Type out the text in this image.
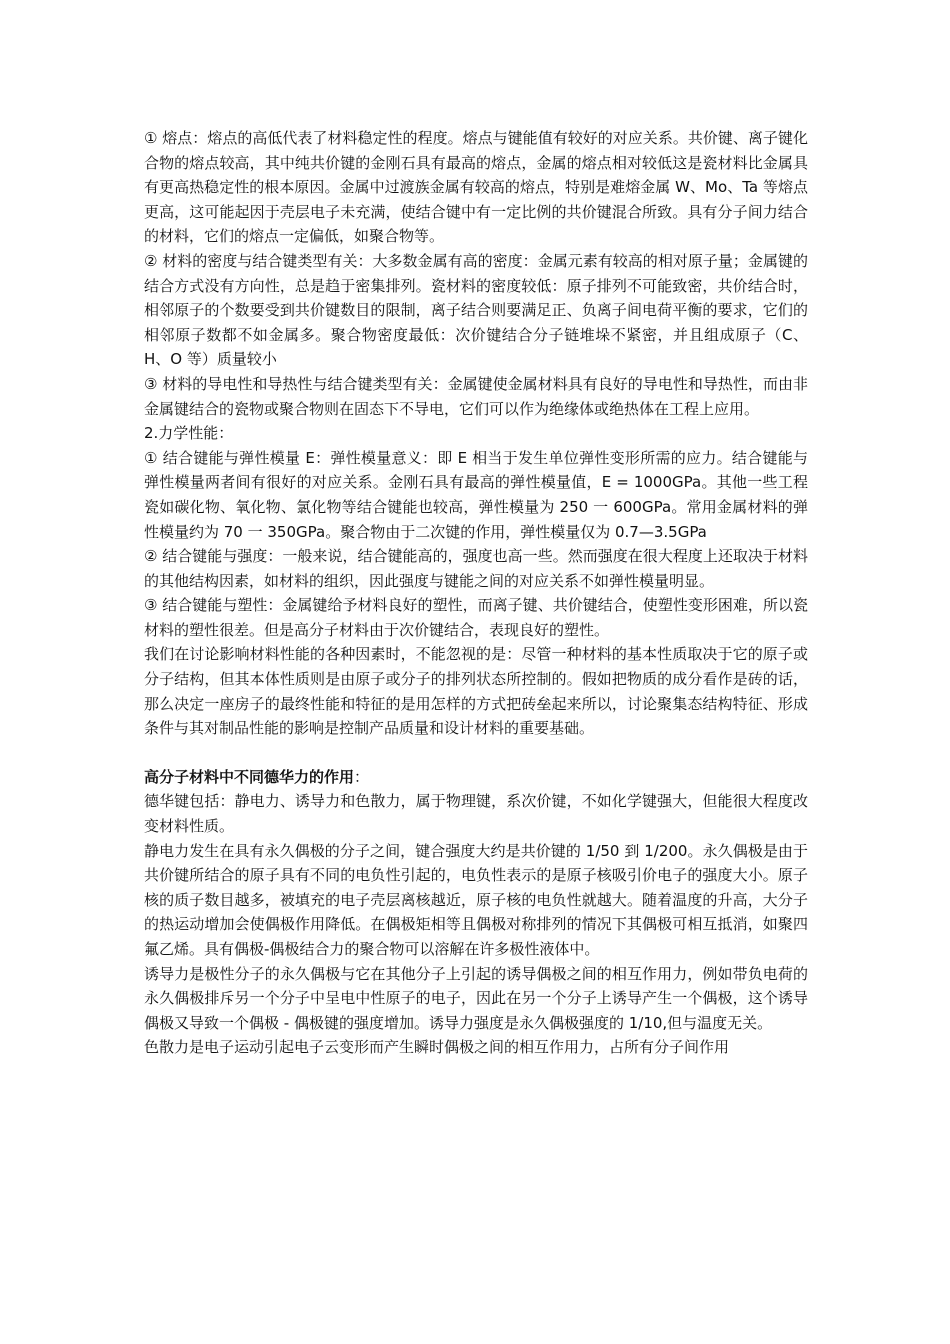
① 熔点：熔点的高低代表了材料稳定性的程度。熔点与键能值有较好的对应关系。共价键、离子键化合物的熔点较高，其中纯共价键的金刚石具有最高的熔点，金属的熔点相对较低这是瓷材料比金属具有更高热稳定性的根本原因。金属中过渡族金属有较高的熔点，特别是难熔金属 W、Mo、Ta 等熔点更高，这可能起因于壳层电子未充满，使结合键中有一定比例的共价键混合所致。具有分子间力结合的材料，它们的熔点一定偏低，如聚合物等。

② 材料的密度与结合键类型有关：大多数金属有高的密度：金属元素有较高的相对原子量；金属键的结合方式没有方向性，总是趋于密集排列。瓷材料的密度较低：原子排列不可能致密，共价结合时，相邻原子的个数要受到共价键数目的限制，离子结合则要满足正、负离子间电荷平衡的要求，它们的相邻原子数都不如金属多。聚合物密度最低：次价键结合分子链堆垛不紧密，并且组成原子（C、H、O 等）质量较小

③ 材料的导电性和导热性与结合键类型有关：金属键使金属材料具有良好的导电性和导热性，而由非金属键结合的瓷物或聚合物则在固态下不导电，它们可以作为绝缘体或绝热体在工程上应用。

2.力学性能：

① 结合键能与弹性模量 E：弹性模量意义：即 E 相当于发生单位弹性变形所需的应力。结合键能与弹性模量两者间有很好的对应关系。金刚石具有最高的弹性模量值，E = 1000GPa。其他一些工程瓷如碳化物、氧化物、氯化物等结合键能也较高，弹性模量为 250 一 600GPa。常用金属材料的弹性模量约为 70 一 350GPa。聚合物由于二次键的作用，弹性模量仅为 0.7—3.5GPa

② 结合键能与强度：一般来说，结合键能高的，强度也高一些。然而强度在很大程度上还取决于材料的其他结构因素，如材料的组织，因此强度与键能之间的对应关系不如弹性模量明显。

③ 结合键能与塑性：金属键给予材料良好的塑性，而离子键、共价键结合，使塑性变形困难，所以瓷材料的塑性很差。但是高分子材料由于次价键结合，表现良好的塑性。

我们在讨论影响材料性能的各种因素时，不能忽视的是：尽管一种材料的基本性质取决于它的原子或分子结构，但其本体性质则是由原子或分子的排列状态所控制的。假如把物质的成分看作是砖的话，那么决定一座房子的最终性能和特征的是用怎样的方式把砖垒起来所以，讨论聚集态结构特征、形成条件与其对制品性能的影响是控制产品质量和设计材料的重要基础。

高分子材料中不同德华力的作用：

德华键包括：静电力、诱导力和色散力，属于物理键，系次价键，不如化学键强大，但能很大程度改变材料性质。

静电力发生在具有永久偶极的分子之间，键合强度大约是共价键的 1/50 到 1/200。永久偶极是由于共价键所结合的原子具有不同的电负性引起的，电负性表示的是原子核吸引价电子的强度大小。原子核的质子数目越多，被填充的电子壳层离核越近，原子核的电负性就越大。随着温度的升高，大分子的热运动增加会使偶极作用降低。在偶极矩相等且偶极对称排列的情况下其偶极可相互抵消，如聚四氟乙烯。具有偶极-偶极结合力的聚合物可以溶解在许多极性液体中。

诱导力是极性分子的永久偶极与它在其他分子上引起的诱导偶极之间的相互作用力，例如带负电荷的永久偶极排斥另一个分子中呈电中性原子的电子，因此在另一个分子上诱导产生一个偶极，这个诱导偶极又导致一个偶极 - 偶极键的强度增加。诱导力强度是永久偶极强度的 1/10,但与温度无关。

色散力是电子运动引起电子云变形而产生瞬时偶极之间的相互作用力，占所有分子间作用
